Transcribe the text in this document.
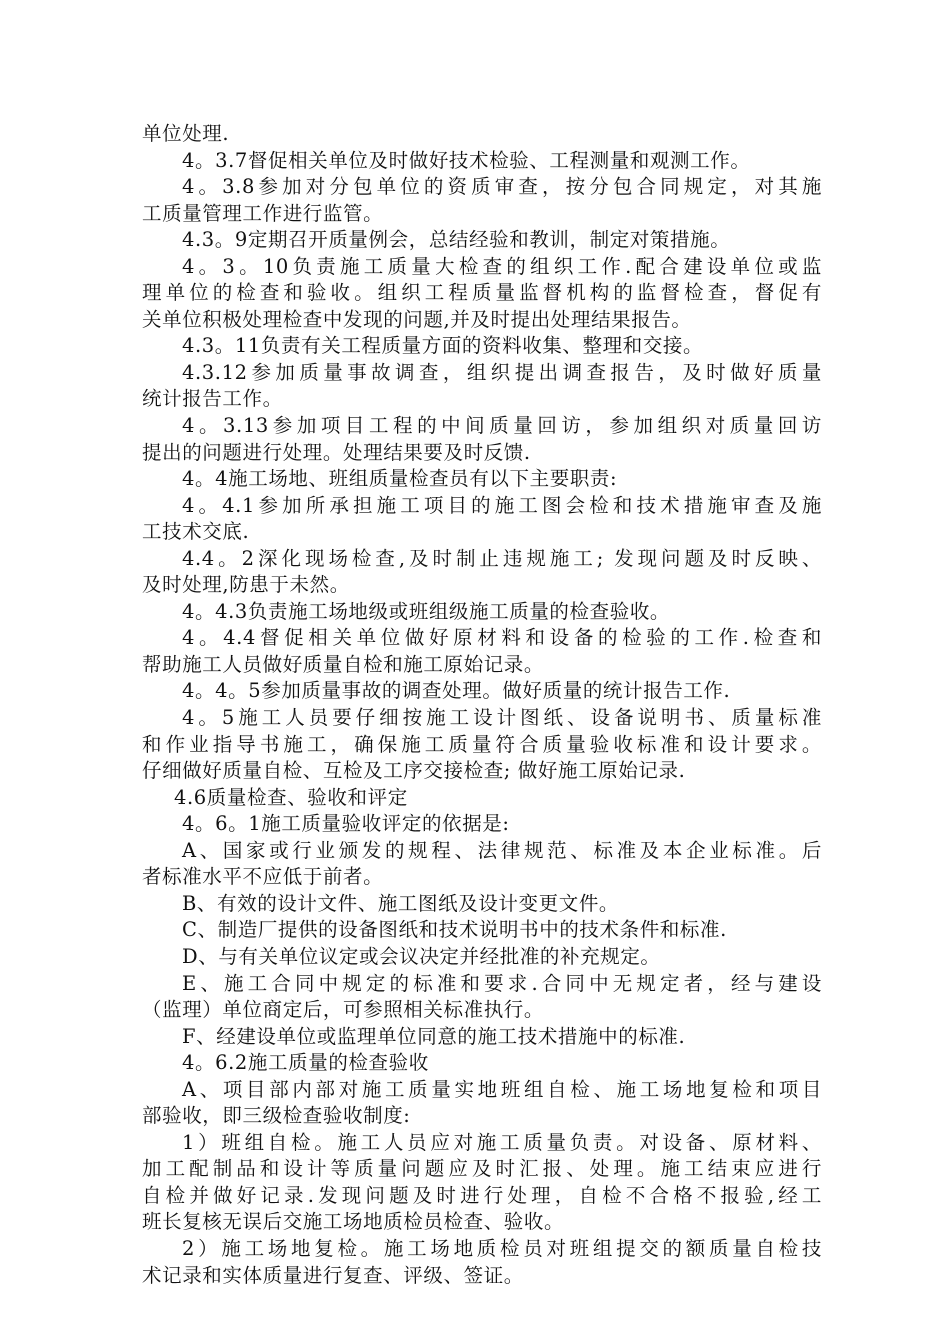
单位处理.
4。3.7督促相关单位及时做好技术检验、工程测量和观测工作。
4。3.8参加对分包单位的资质审查，按分包合同规定，对其施
工质量管理工作进行监管。
4.3。9定期召开质量例会，总结经验和教训，制定对策措施。
4。3。10负责施工质量大检查的组织工作.配合建设单位或监
理单位的检查和验收。组织工程质量监督机构的监督检查，督促有
关单位积极处理检查中发现的问题,并及时提出处理结果报告。
4.3。11负责有关工程质量方面的资料收集、整理和交接。
4.3.12参加质量事故调查，组织提出调查报告，及时做好质量
统计报告工作。
4。3.13参加项目工程的中间质量回访，参加组织对质量回访
提出的问题进行处理。处理结果要及时反馈.
4。4施工场地、班组质量检查员有以下主要职责:
4。4.1参加所承担施工项目的施工图会检和技术措施审查及施
工技术交底.
4.4。2深化现场检查,及时制止违规施工; 发现问题及时反映、
及时处理,防患于未然。
4。4.3负责施工场地级或班组级施工质量的检查验收。
4。4.4督促相关单位做好原材料和设备的检验的工作.检查和
帮助施工人员做好质量自检和施工原始记录。
4。4。5参加质量事故的调查处理。做好质量的统计报告工作.
4。5施工人员要仔细按施工设计图纸、设备说明书、质量标准
和作业指导书施工，确保施工质量符合质量验收标准和设计要求。
仔细做好质量自检、互检及工序交接检查; 做好施工原始记录.
4.6质量检查、验收和评定
4。6。1施工质量验收评定的依据是:
A、国家或行业颁发的规程、法律规范、标准及本企业标准。后
者标准水平不应低于前者。
B、有效的设计文件、施工图纸及设计变更文件。
C、制造厂提供的设备图纸和技术说明书中的技术条件和标准.
D、与有关单位议定或会议决定并经批准的补充规定。
E、施工合同中规定的标准和要求.合同中无规定者，经与建设
（监理）单位商定后，可参照相关标准执行。
F、经建设单位或监理单位同意的施工技术措施中的标准.
4。6.2施工质量的检查验收
A、项目部内部对施工质量实地班组自检、施工场地复检和项目
部验收，即三级检查验收制度:
1）班组自检。施工人员应对施工质量负责。对设备、原材料、
加工配制品和设计等质量问题应及时汇报、处理。施工结束应进行
自检并做好记录.发现问题及时进行处理，自检不合格不报验,经工
班长复核无误后交施工场地质检员检查、验收。
2）施工场地复检。施工场地质检员对班组提交的额质量自检技
术记录和实体质量进行复查、评级、签证。
